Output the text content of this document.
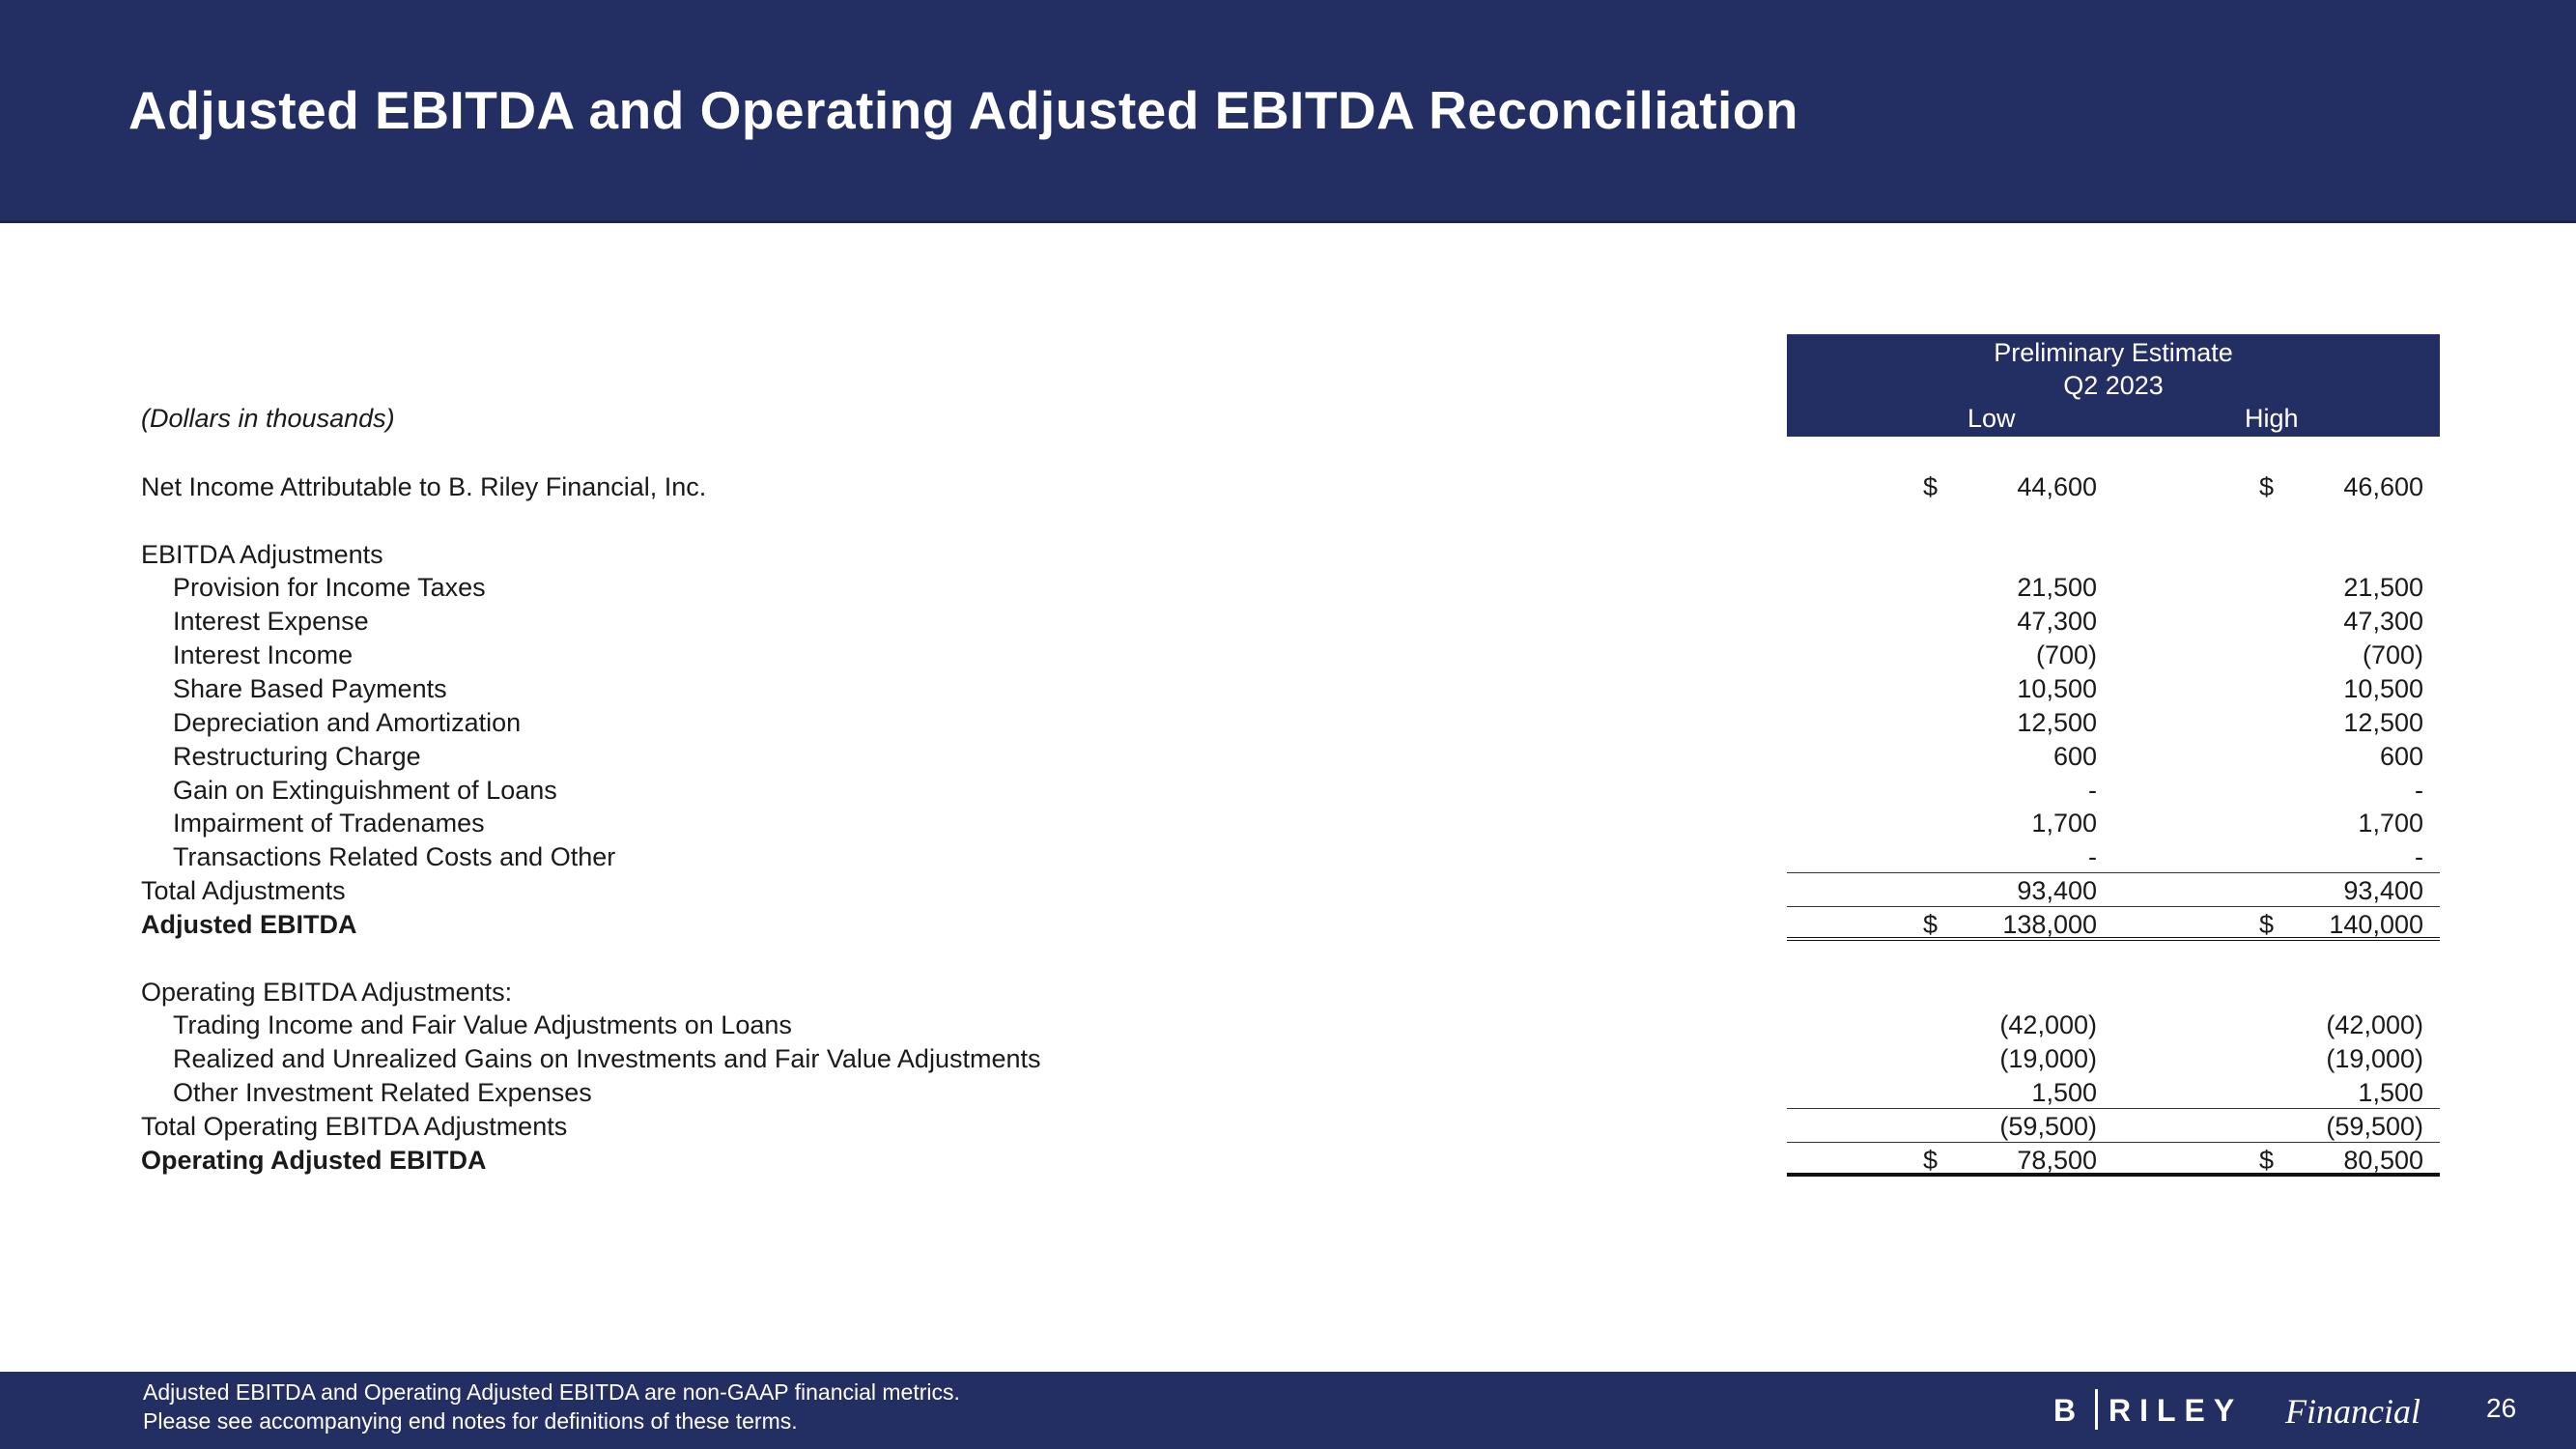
Adjusted EBITDA and Operating Adjusted EBITDA Reconciliation
Preliminary Estimate
Q2 2023
Low	High
(Dollars in thousands)
Net Income Attributable to B. Riley Financial, Inc.	$	44,600	$	46,600
EBITDA Adjustments
Provision for Income Taxes	21,500	21,500
Interest Expense	47,300	47,300
Interest Income	(700)	(700)
Share Based Payments	10,500	10,500
Depreciation and Amortization	12,500	12,500
Restructuring Charge	600	600
Gain on Extinguishment of Loans	-	-
Impairment of Tradenames	1,700	1,700
Transactions Related Costs and Other	-	-
Total Adjustments	93,400	93,400
Adjusted EBITDA	$ 138,000	$ 140,000
Operating EBITDA Adjustments:
Trading Income and Fair Value Adjustments on Loans	(42,000)	(42,000)
Realized and Unrealized Gains on Investments and Fair Value Adjustments	(19,000)	(19,000)
Other Investment Related Expenses	1,500	1,500
Total Operating EBITDA Adjustments	(59,500)	(59,500)
Operating Adjusted EBITDA	$	78,500	$	80,500
Adjusted EBITDA and Operating Adjusted EBITDA are non-GAAP financial metrics.
Please see accompanying end notes for definitions of these terms.	B RILEY Financial 26
